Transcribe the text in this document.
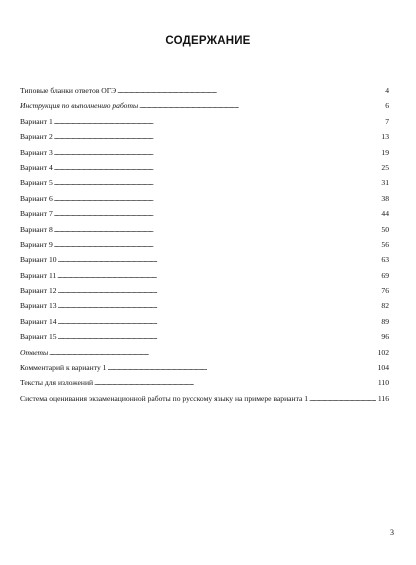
СОДЕРЖАНИЕ
Типовые бланки ответов ОГЭ . . .	4
Инструкция по выполнению работы . . .	6
Вариант 1 . . .	7
Вариант 2 . . .	13
Вариант 3 . . .	19
Вариант 4 . . .	25
Вариант 5 . . .	31
Вариант 6 . . .	38
Вариант 7 . . .	44
Вариант 8 . . .	50
Вариант 9 . . .	56
Вариант 10 . . .	63
Вариант 11 . . .	69
Вариант 12 . . .	76
Вариант 13 . . .	82
Вариант 14 . . .	89
Вариант 15 . . .	96
Ответы . . .	102
Комментарий к варианту 1 . . .	104
Тексты для изложений . . .	110
Система оценивания экзаменационной работы по русскому языку на примере варианта 1 . . .	116
3
